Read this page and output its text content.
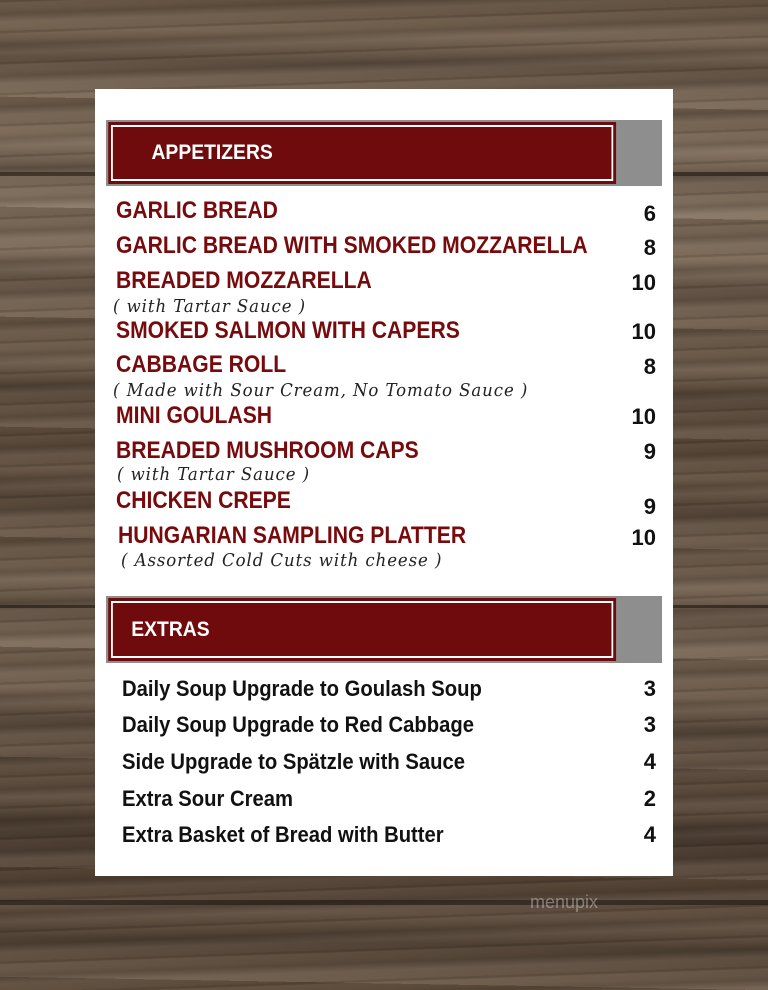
APPETIZERS
GARLIC BREAD	6
GARLIC BREAD WITH SMOKED MOZZARELLA	8
BREADED MOZZARELLA	10
( with Tartar Sauce )
SMOKED SALMON WITH CAPERS	10
CABBAGE ROLL	8
( Made with Sour Cream, No Tomato Sauce )
MINI GOULASH	10
BREADED MUSHROOM CAPS	9
( with Tartar Sauce )
CHICKEN CREPE	9
HUNGARIAN SAMPLING PLATTER	10
( Assorted Cold Cuts with cheese )
EXTRAS
Daily Soup Upgrade to Goulash Soup	3
Daily Soup Upgrade to Red Cabbage	3
Side Upgrade to Spätzle with Sauce	4
Extra Sour Cream	2
Extra Basket of Bread with Butter	4
menupix
